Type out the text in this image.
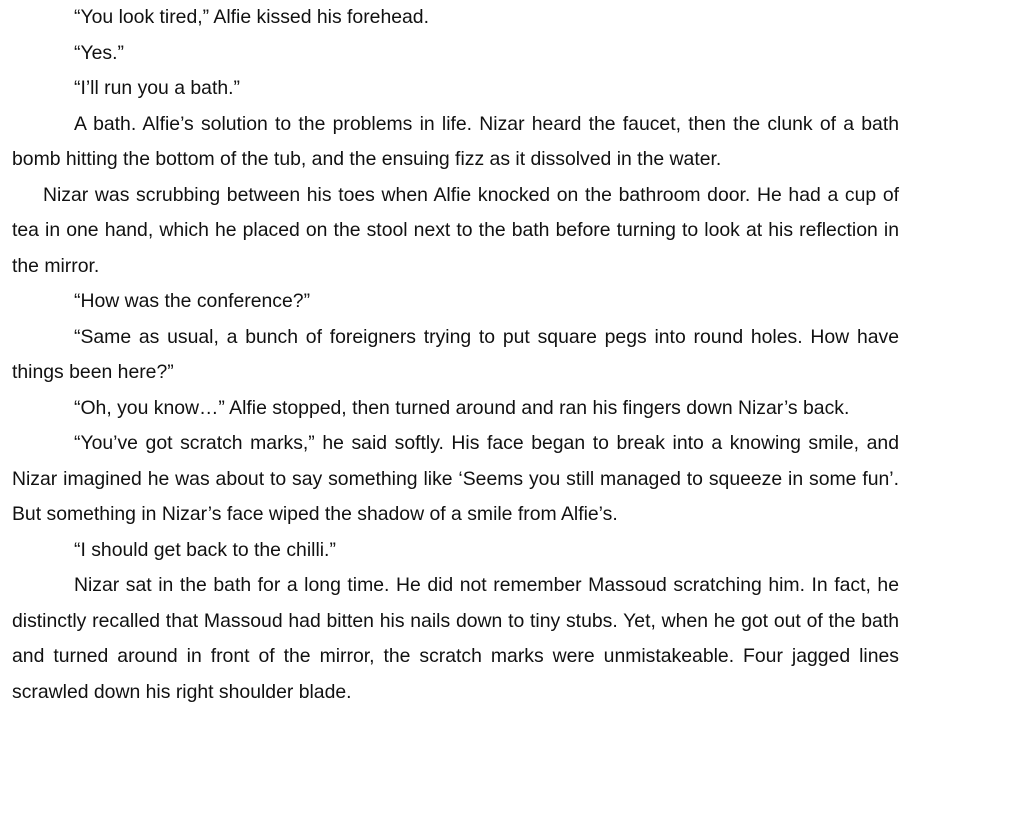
“You look tired,” Alfie kissed his forehead.

“Yes.”

“I’ll run you a bath.”

A bath. Alfie’s solution to the problems in life. Nizar heard the faucet, then the clunk of a bath bomb hitting the bottom of the tub, and the ensuing fizz as it dissolved in the water.

Nizar was scrubbing between his toes when Alfie knocked on the bathroom door. He had a cup of tea in one hand, which he placed on the stool next to the bath before turning to look at his reflection in the mirror.

“How was the conference?”

“Same as usual, a bunch of foreigners trying to put square pegs into round holes. How have things been here?”

“Oh, you know…” Alfie stopped, then turned around and ran his fingers down Nizar’s back.

“You’ve got scratch marks,” he said softly. His face began to break into a knowing smile, and Nizar imagined he was about to say something like ‘Seems you still managed to squeeze in some fun’. But something in Nizar’s face wiped the shadow of a smile from Alfie’s.

“I should get back to the chilli.”

Nizar sat in the bath for a long time. He did not remember Massoud scratching him. In fact, he distinctly recalled that Massoud had bitten his nails down to tiny stubs. Yet, when he got out of the bath and turned around in front of the mirror, the scratch marks were unmistakeable. Four jagged lines scrawled down his right shoulder blade.
